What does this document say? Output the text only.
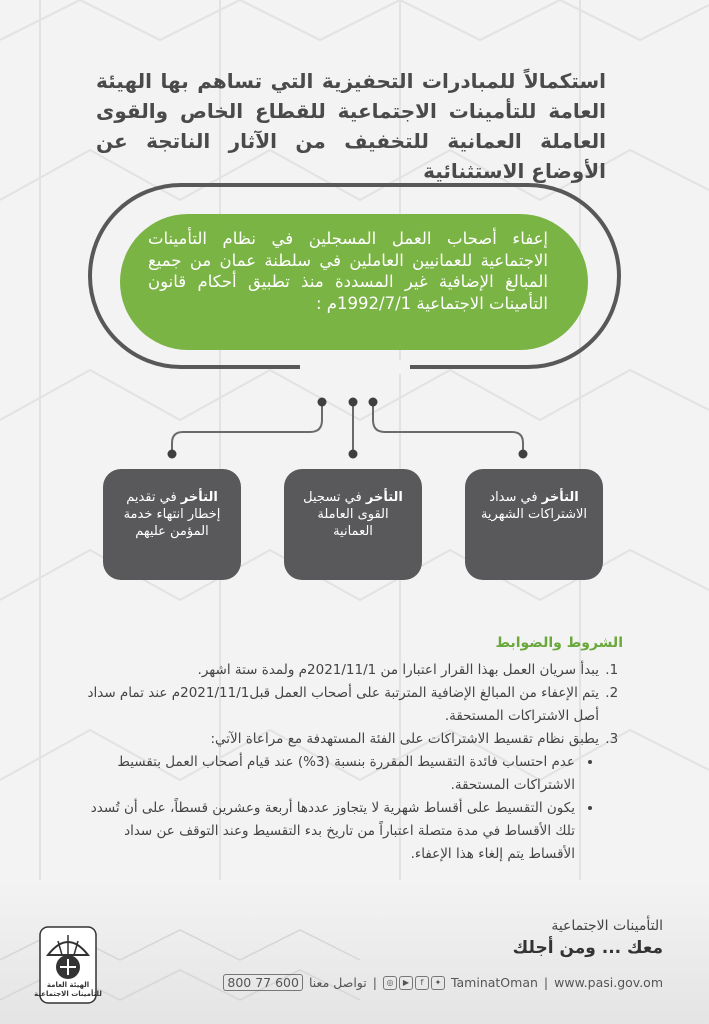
استكمالاً للمبادرات التحفيزية التي تساهم بها الهيئة العامة للتأمينات الاجتماعية للقطاع الخاص والقوى العاملة العمانية للتخفيف من الآثار الناتجة عن الأوضاع الاستثنائية

إعفاء أصحاب العمل المسجلين في نظام التأمينات الاجتماعية للعمانيين العاملين في سلطنة عمان من جميع المبالغ الإضافية غير المسددة منذ تطبيق أحكام قانون التأمينات الاجتماعية 1992/7/1م :
التأخر في سداد الاشتراكات الشهرية
التأخر في تسجيل القوى العاملة العمانية
التأخر في تقديم إخطار انتهاء خدمة المؤمن عليهم
الشروط والضوابط
1. يبدأ سريان العمل بهذا القرار اعتبارا من 2021/11/1م ولمدة ستة اشهر.
2. يتم الإعفاء من المبالغ الإضافية المترتبة على أصحاب العمل قبل2021/11/1م عند تمام سداد أصل الاشتراكات المستحقة.
3. يطبق نظام تقسيط الاشتراكات على الفئة المستهدفة مع مراعاة الآتي:
• عدم احتساب فائدة التقسيط المقررة بنسبة (3%) عند قيام أصحاب العمل بتقسيط الاشتراكات المستحقة.
• يكون التقسيط على أقساط شهرية لا يتجاوز عددها أربعة وعشرين قسطاً، على أن تُسدد تلك الأقساط في مدة متصلة اعتباراً من تاريخ بدء التقسيط وعند التوقف عن سداد الأقساط يتم إلغاء هذا الإعفاء.
الهيئة العامة للتأمينات الاجتماعية
التأمينات الاجتماعية
معك ... ومن أجلك
www.pasi.gov.om
|
TaminatOman
◎	▶	f	✦
|
تواصل معنا
800 77 600
